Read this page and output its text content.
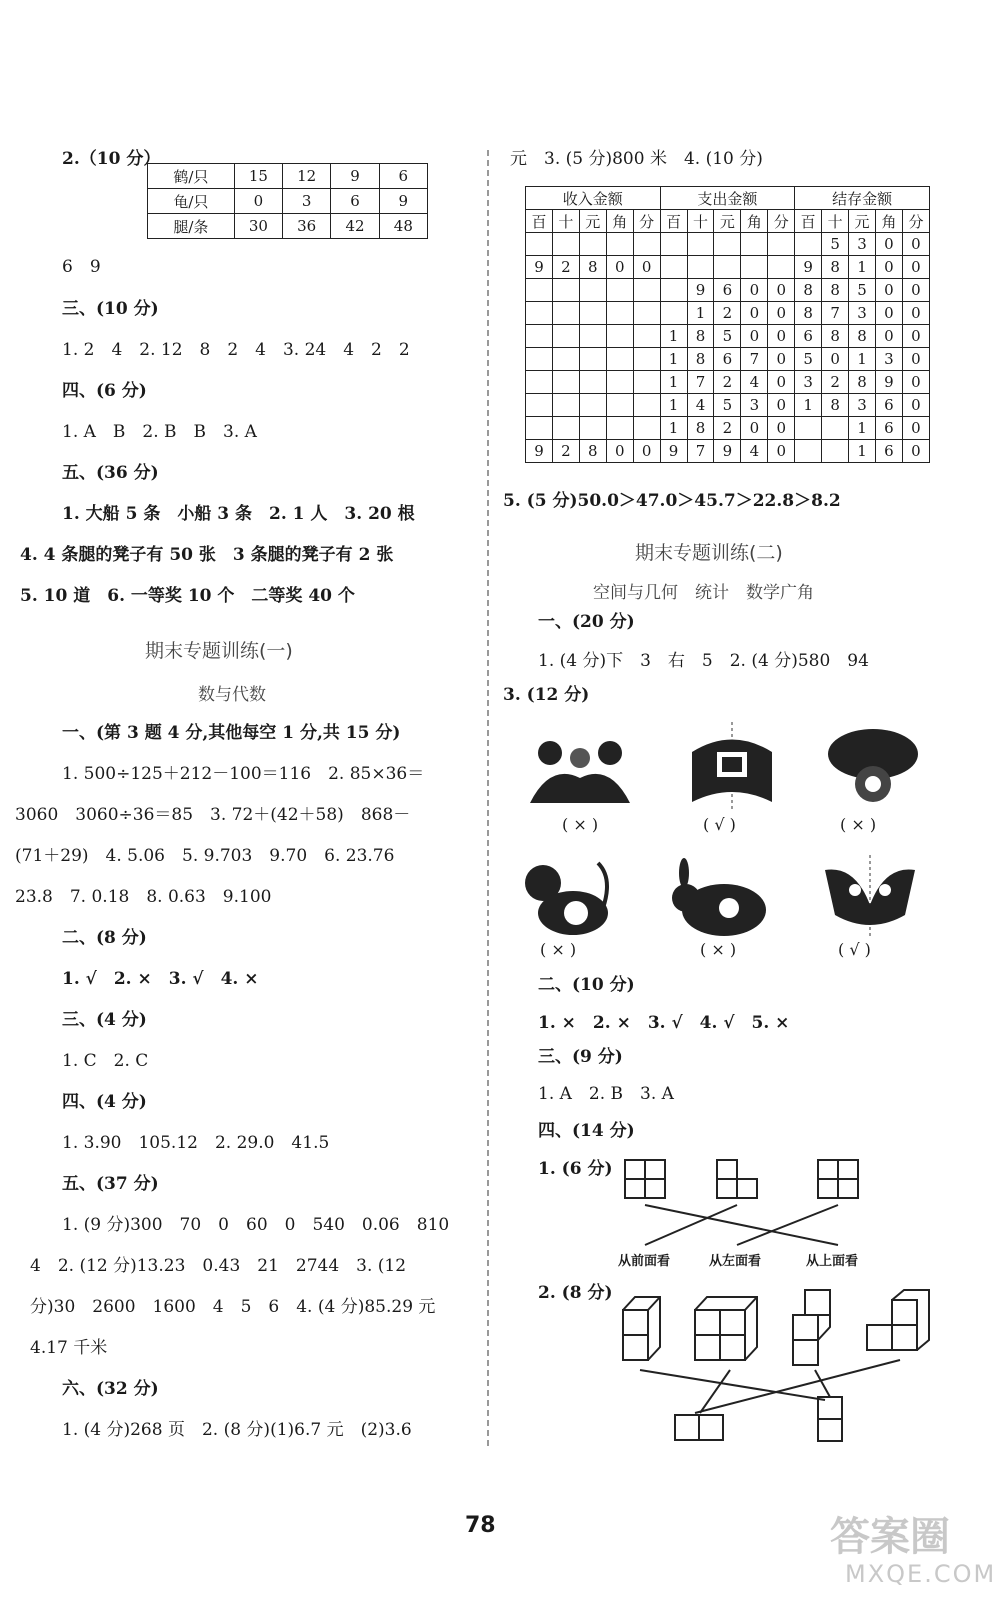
2.（10 分）
鹤/只	15	12	9	6
龟/只	0	3	6	9
腿/条	30	36	42	48
6　9
三、(10 分)
1. 2　4　2. 12　8　2　4　3. 24　4　2　2
四、(6 分)
1. A　B　2. B　B　3. A
五、(36 分)
1. 大船 5 条　小船 3 条　2. 1 人　3. 20 根
4. 4 条腿的凳子有 50 张　3 条腿的凳子有 2 张
5. 10 道　6. 一等奖 10 个　二等奖 40 个
期末专题训练(一)
数与代数
一、(第 3 题 4 分,其他每空 1 分,共 15 分)
1. 500÷125＋212－100＝116　2. 85×36＝
3060　3060÷36＝85　3. 72＋(42＋58)　868－
(71＋29)　4. 5.06　5. 9.703　9.70　6. 23.76
23.8　7. 0.18　8. 0.63　9.100
二、(8 分)
1. √　2. ×　3. √　4. ×
三、(4 分)
1. C　2. C
四、(4 分)
1. 3.90　105.12　2. 29.0　41.5
五、(37 分)
1. (9 分)300　70　0　60　0　540　0.06　810
4　2. (12 分)13.23　0.43　21　2744　3. (12
分)30　2600　1600　4　5　6　4. (4 分)85.29 元
4.17 千米
六、(32 分)
1. (4 分)268 页　2. (8 分)(1)6.7 元　(2)3.6
元　3. (5 分)800 米　4. (10 分)
收入金额					支出金额					结存金额				
百	十	元	角	分	百	十	元	角	分	百	十	元	角	分
											5	3	0	0
9	2	8	0	0						9	8	1	0	0
						9	6	0	0	8	8	5	0	0
						1	2	0	0	8	7	3	0	0
					1	8	5	0	0	6	8	8	0	0
					1	8	6	7	0	5	0	1	3	0
					1	7	2	4	0	3	2	8	9	0
					1	4	5	3	0	1	8	3	6	0
					1	8	2	0	0			1	6	0
9	2	8	0	0	9	7	9	4	0			1	6	0
5. (5 分)50.0＞47.0＞45.7＞22.8＞8.2
期末专题训练(二)
空间与几何　统计　数学广角
一、(20 分)
1. (4 分)下　3　右　5　2. (4 分)580　94
3. (12 分)
( × )	( √ )	( × )
( × )	( × )	( √ )
二、(10 分)
1. ×　2. ×　3. √　4. √　5. ×
三、(9 分)
1. A　2. B　3. A
四、(14 分)
1. (6 分)
从前面看	从左面看	从上面看
2. (8 分)
78	答案圈
MXQE.COM
